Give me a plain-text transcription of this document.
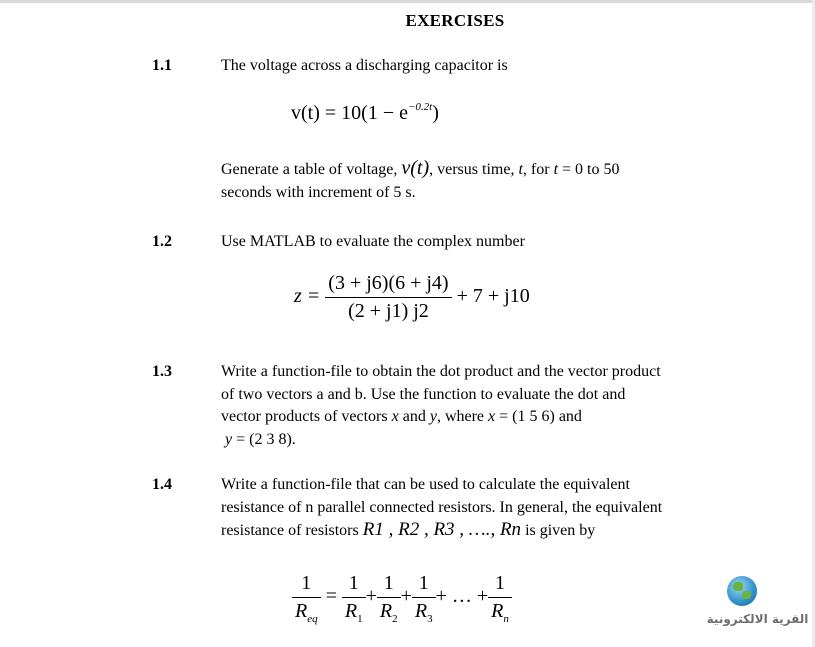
EXERCISES
1.1	The voltage across a discharging capacitor is
$v(t) = 10(1 - e^{-0.2t})$
Generate a table of voltage, v(t), versus time, t, for t = 0 to 50
seconds with increment of 5 s.
1.2	Use MATLAB to evaluate the complex number
$z = \frac{(3 + j6)(6 + j4)}{(2 + j1) j2} + 7 + j10$
1.3	Write a function-file to obtain the dot product and the vector product
of two vectors a and b. Use the function to evaluate the dot and
vector products of vectors x and y, where x = (1 5 6) and
y = (2 3 8).
1.4	Write a function-file that can be used to calculate the equivalent
resistance of n parallel connected resistors. In general, the equivalent
resistance of resistors R1 , R2 , R3 , …., Rn is given by
$\frac{1}{R_{eq}} = \frac{1}{R_1} + \frac{1}{R_2} + \frac{1}{R_3}$ + … + $\frac{1}{R_n}$	القرية الالكترونية
